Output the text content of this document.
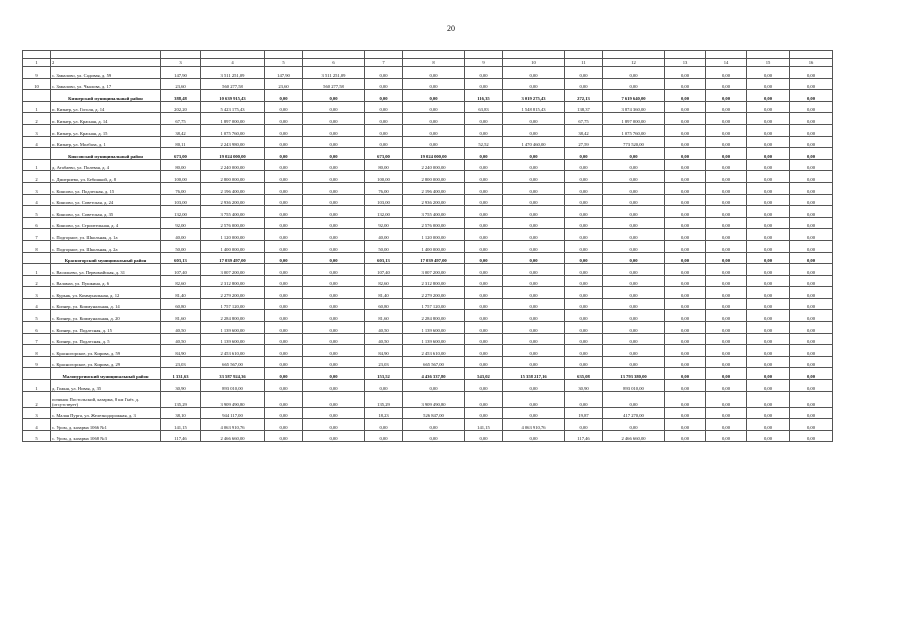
20

1	2	3	4	5	6	7	8	9	10	11	12	13	14	15	16
9	с. Замалово, ул. Садовая, д. 59	147,90	3 511 251,09	147,90	3 511 251,09	0,00	0,00	0,00	0,00	0,00	0,00	0,00	0,00	0,00	0,00
10	с. Замалово, ул. Чкалова, д. 17	23,60	560 277,58	23,60	560 277,58	0,00	0,00	0,00	0,00	0,00	0,00	0,00	0,00	0,00	0,00
	Кизнерский муниципальный район	388,48	10 639 915,43	0,00	0,00	0,00	0,00	116,35	3 019 275,43	272,13	7 619 640,00	0,00	0,00	0,00	0,00
1	п. Кизнер, ул. Гоголя, д. 14	202,20	5 423 175,43	0,00	0,00	0,00	0,00	63,83	1 548 815,43	138,37	3 874 360,00	0,00	0,00	0,00	0,00
2	п. Кизнер, ул. Красная, д. 14	67,75	1 897 000,00	0,00	0,00	0,00	0,00	0,00	0,00	67,75	1 897 000,00	0,00	0,00	0,00	0,00
3	п. Кизнер, ул. Красная, д. 15	38,42	1 075 760,00	0,00	0,00	0,00	0,00	0,00	0,00	38,42	1 075 760,00	0,00	0,00	0,00	0,00
4	п. Кизнер, ул. Молбаза, д. 1	80,11	2 243 980,00	0,00	0,00	0,00	0,00	52,52	1 470 460,00	27,59	773 520,00	0,00	0,00	0,00	0,00
	Киясовский муниципальный район	673,00	19 024 000,00	0,00	0,00	673,00	19 024 000,00	0,00	0,00	0,00	0,00	0,00	0,00	0,00	0,00
1	д. Атабаево, ул. Полевая, д. 4	80,00	2 240 000,00	0,00	0,00	80,00	2 240 000,00	0,00	0,00	0,00	0,00	0,00	0,00	0,00	0,00
2	с. Дмитриево, ул. Бебишкой, д. 8	100,00	2 800 000,00	0,00	0,00	100,00	2 800 000,00	0,00	0,00	0,00	0,00	0,00	0,00	0,00	0,00
3	с. Киясово, ул. Подлесная, д. 15	76,00	2 196 400,00	0,00	0,00	76,00	2 196 400,00	0,00	0,00	0,00	0,00	0,00	0,00	0,00	0,00
4	с. Киясово, ул. Советская, д. 24	103,00	2 936 200,00	0,00	0,00	103,00	2 936 200,00	0,00	0,00	0,00	0,00	0,00	0,00	0,00	0,00
5	с. Киясово, ул. Советская, д. 35	132,00	3 755 400,00	0,00	0,00	132,00	3 755 400,00	0,00	0,00	0,00	0,00	0,00	0,00	0,00	0,00
6	с. Киясово, ул. Строительная, д. 4	92,00	2 576 000,00	0,00	0,00	92,00	2 576 000,00	0,00	0,00	0,00	0,00	0,00	0,00	0,00	0,00
7	с. Подгорное, ул. Школьная, д. 1а	40,00	1 120 000,00	0,00	0,00	40,00	1 120 000,00	0,00	0,00	0,00	0,00	0,00	0,00	0,00	0,00
8	с. Подгорное, ул. Школьная, д. 2а	50,00	1 400 000,00	0,00	0,00	50,00	1 400 000,00	0,00	0,00	0,00	0,00	0,00	0,00	0,00	0,00
	Красногорский муниципальный район	603,13	17 039 497,00	0,00	0,00	603,13	17 039 497,00	0,00	0,00	0,00	0,00	0,00	0,00	0,00	0,00
1	с. Васильево, ул. Первомайская, д. 31	107,40	3 007 200,00	0,00	0,00	107,40	3 007 200,00	0,00	0,00	0,00	0,00	0,00	0,00	0,00	0,00
2	с. Валамаз, ул. Пушкина, д. 6	82,60	2 312 800,00	0,00	0,00	82,60	2 312 800,00	0,00	0,00	0,00	0,00	0,00	0,00	0,00	0,00
3	с. Курьяк, ул. Коммунальная, д. 12	81,40	2 279 200,00	0,00	0,00	81,40	2 279 200,00	0,00	0,00	0,00	0,00	0,00	0,00	0,00	0,00
4	с. Кизнер, ул. Коммунальная, д. 14	60,80	1 757 120,00	0,00	0,00	60,80	1 757 120,00	0,00	0,00	0,00	0,00	0,00	0,00	0,00	0,00
5	с. Кизнер, ул. Коммунальная, д. 20	81,60	2 284 800,00	0,00	0,00	81,60	2 284 800,00	0,00	0,00	0,00	0,00	0,00	0,00	0,00	0,00
6	с. Кизнер, ул. Подлесная, д. 15	40,50	1 139 600,00	0,00	0,00	40,50	1 139 600,00	0,00	0,00	0,00	0,00	0,00	0,00	0,00	0,00
7	с. Кизнер, ул. Подлесная, д. 5	40,50	1 139 600,00	0,00	0,00	40,50	1 139 600,00	0,00	0,00	0,00	0,00	0,00	0,00	0,00	0,00
8	с. Красногорское, ул. Кирова, д. 59	84,90	2 453 610,00	0,00	0,00	84,90	2 453 610,00	0,00	0,00	0,00	0,00	0,00	0,00	0,00	0,00
9	с. Красногорское, ул. Кирова, д. 29	23,03	665 567,00	0,00	0,00	23,03	665 567,00	0,00	0,00	0,00	0,00	0,00	0,00	0,00	0,00
	Малопургинский муниципальный район	1 331,63	33 587 924,36	0,00	0,00	153,52	4 436 337,80	543,02	15 358 217,16	635,08	13 793 380,00	0,00	0,00	0,00	0,00
1	д. Гожня, ул. Новая, д. 35	30,90	893 010,00	0,00	0,00	0,00	0,00	0,00	0,00	30,90	893 010,00	0,00	0,00	0,00	0,00
2	починок Постольский, казарма, 8 км Гнёз. д. (отсутствует)	135,29	3 909 490,80	0,00	0,00	135,29	3 909 490,80	0,00	0,00	0,00	0,00	0,00	0,00	0,00	0,00
3	с. Малая Пурга, ул. Железнодорожная, д. 3	38,10	944 117,00	0,00	0,00	18,23	526 847,00	0,00	0,00	19,87	417 270,00	0,00	0,00	0,00	0,00
4	с. Уром, д. казарма 1066 №1	141,15	4 063 910,76	0,00	0,00	0,00	0,00	141,15	4 063 910,76	0,00	0,00	0,00	0,00	0,00	0,00
5	с. Уром, д. казарма 1068 №3	117,46	2 466 660,00	0,00	0,00	0,00	0,00	0,00	0,00	117,46	2 466 660,00	0,00	0,00	0,00	0,00
